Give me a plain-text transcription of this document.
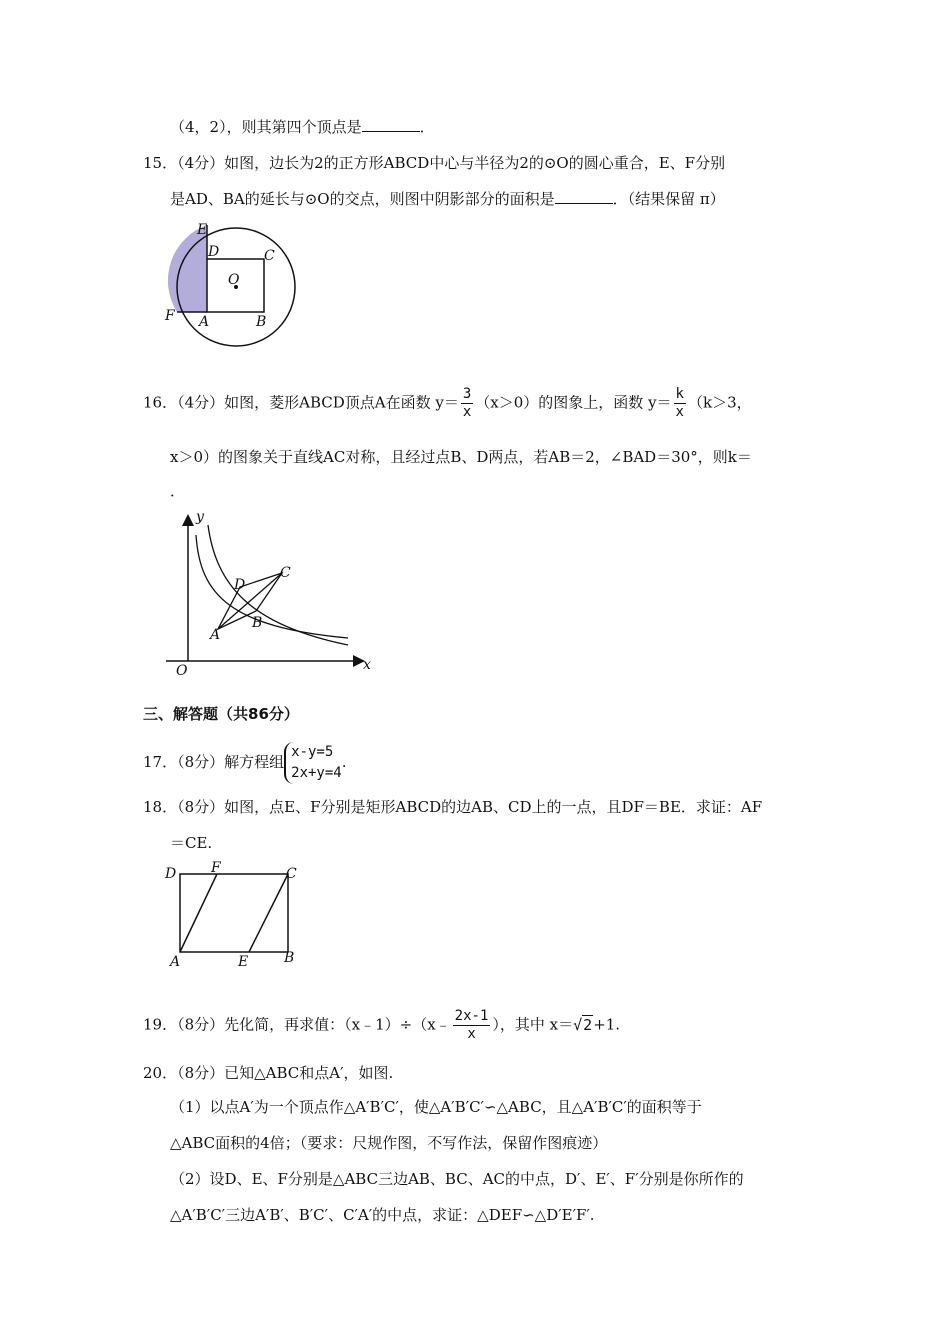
（4，2），则其第四个顶点是	．
15．（4分）如图，边长为2的正方形ABCD中心与半径为2的⊙O的圆心重合，E、F分别
是AD、BA的延长与⊙O的交点，则图中阴影部分的面积是	．（结果保留 π）
E
D	C
O
F A	B
16．（4分）如图，菱形ABCD顶点A在函数 $y= \frac{3}{x} (x>0)$的图象上，函数 $y= \frac{k}{x} (k>3$，
x＞0）的图象关于直线AC对称，且经过点B、D两点，若AB＝2，∠BAD＝30°，则k＝
．
y
x
O
A
B
C
D
三、解答题（共86分）
17．（8分）解方程组
x-y=5
2x+y=4
.
18．（8分）如图，点E、F分别是矩形ABCD的边AB、CD上的一点，且DF＝BE．求证：AF
＝CE.
D F	C
A	E	B
19．（8分）先化简，再求值：（x﹣1）÷（x﹣ $\frac{2x-1}{x}$ ），其中 x＝√2+1.
20．（8分）已知△ABC和点A′，如图.
（1）以点A′为一个顶点作△A′B′C′，使△A′B′C′∽△ABC，且△A′B′C′的面积等于
△ABC面积的4倍；（要求：尺规作图，不写作法，保留作图痕迹）
（2）设D、E、F分别是△ABC三边AB、BC、AC的中点，D′、E′、F′分别是你所作的
△A′B′C′三边A′B′、B′C′、C′A′的中点，求证：△DEF∽△D′E′F′.
